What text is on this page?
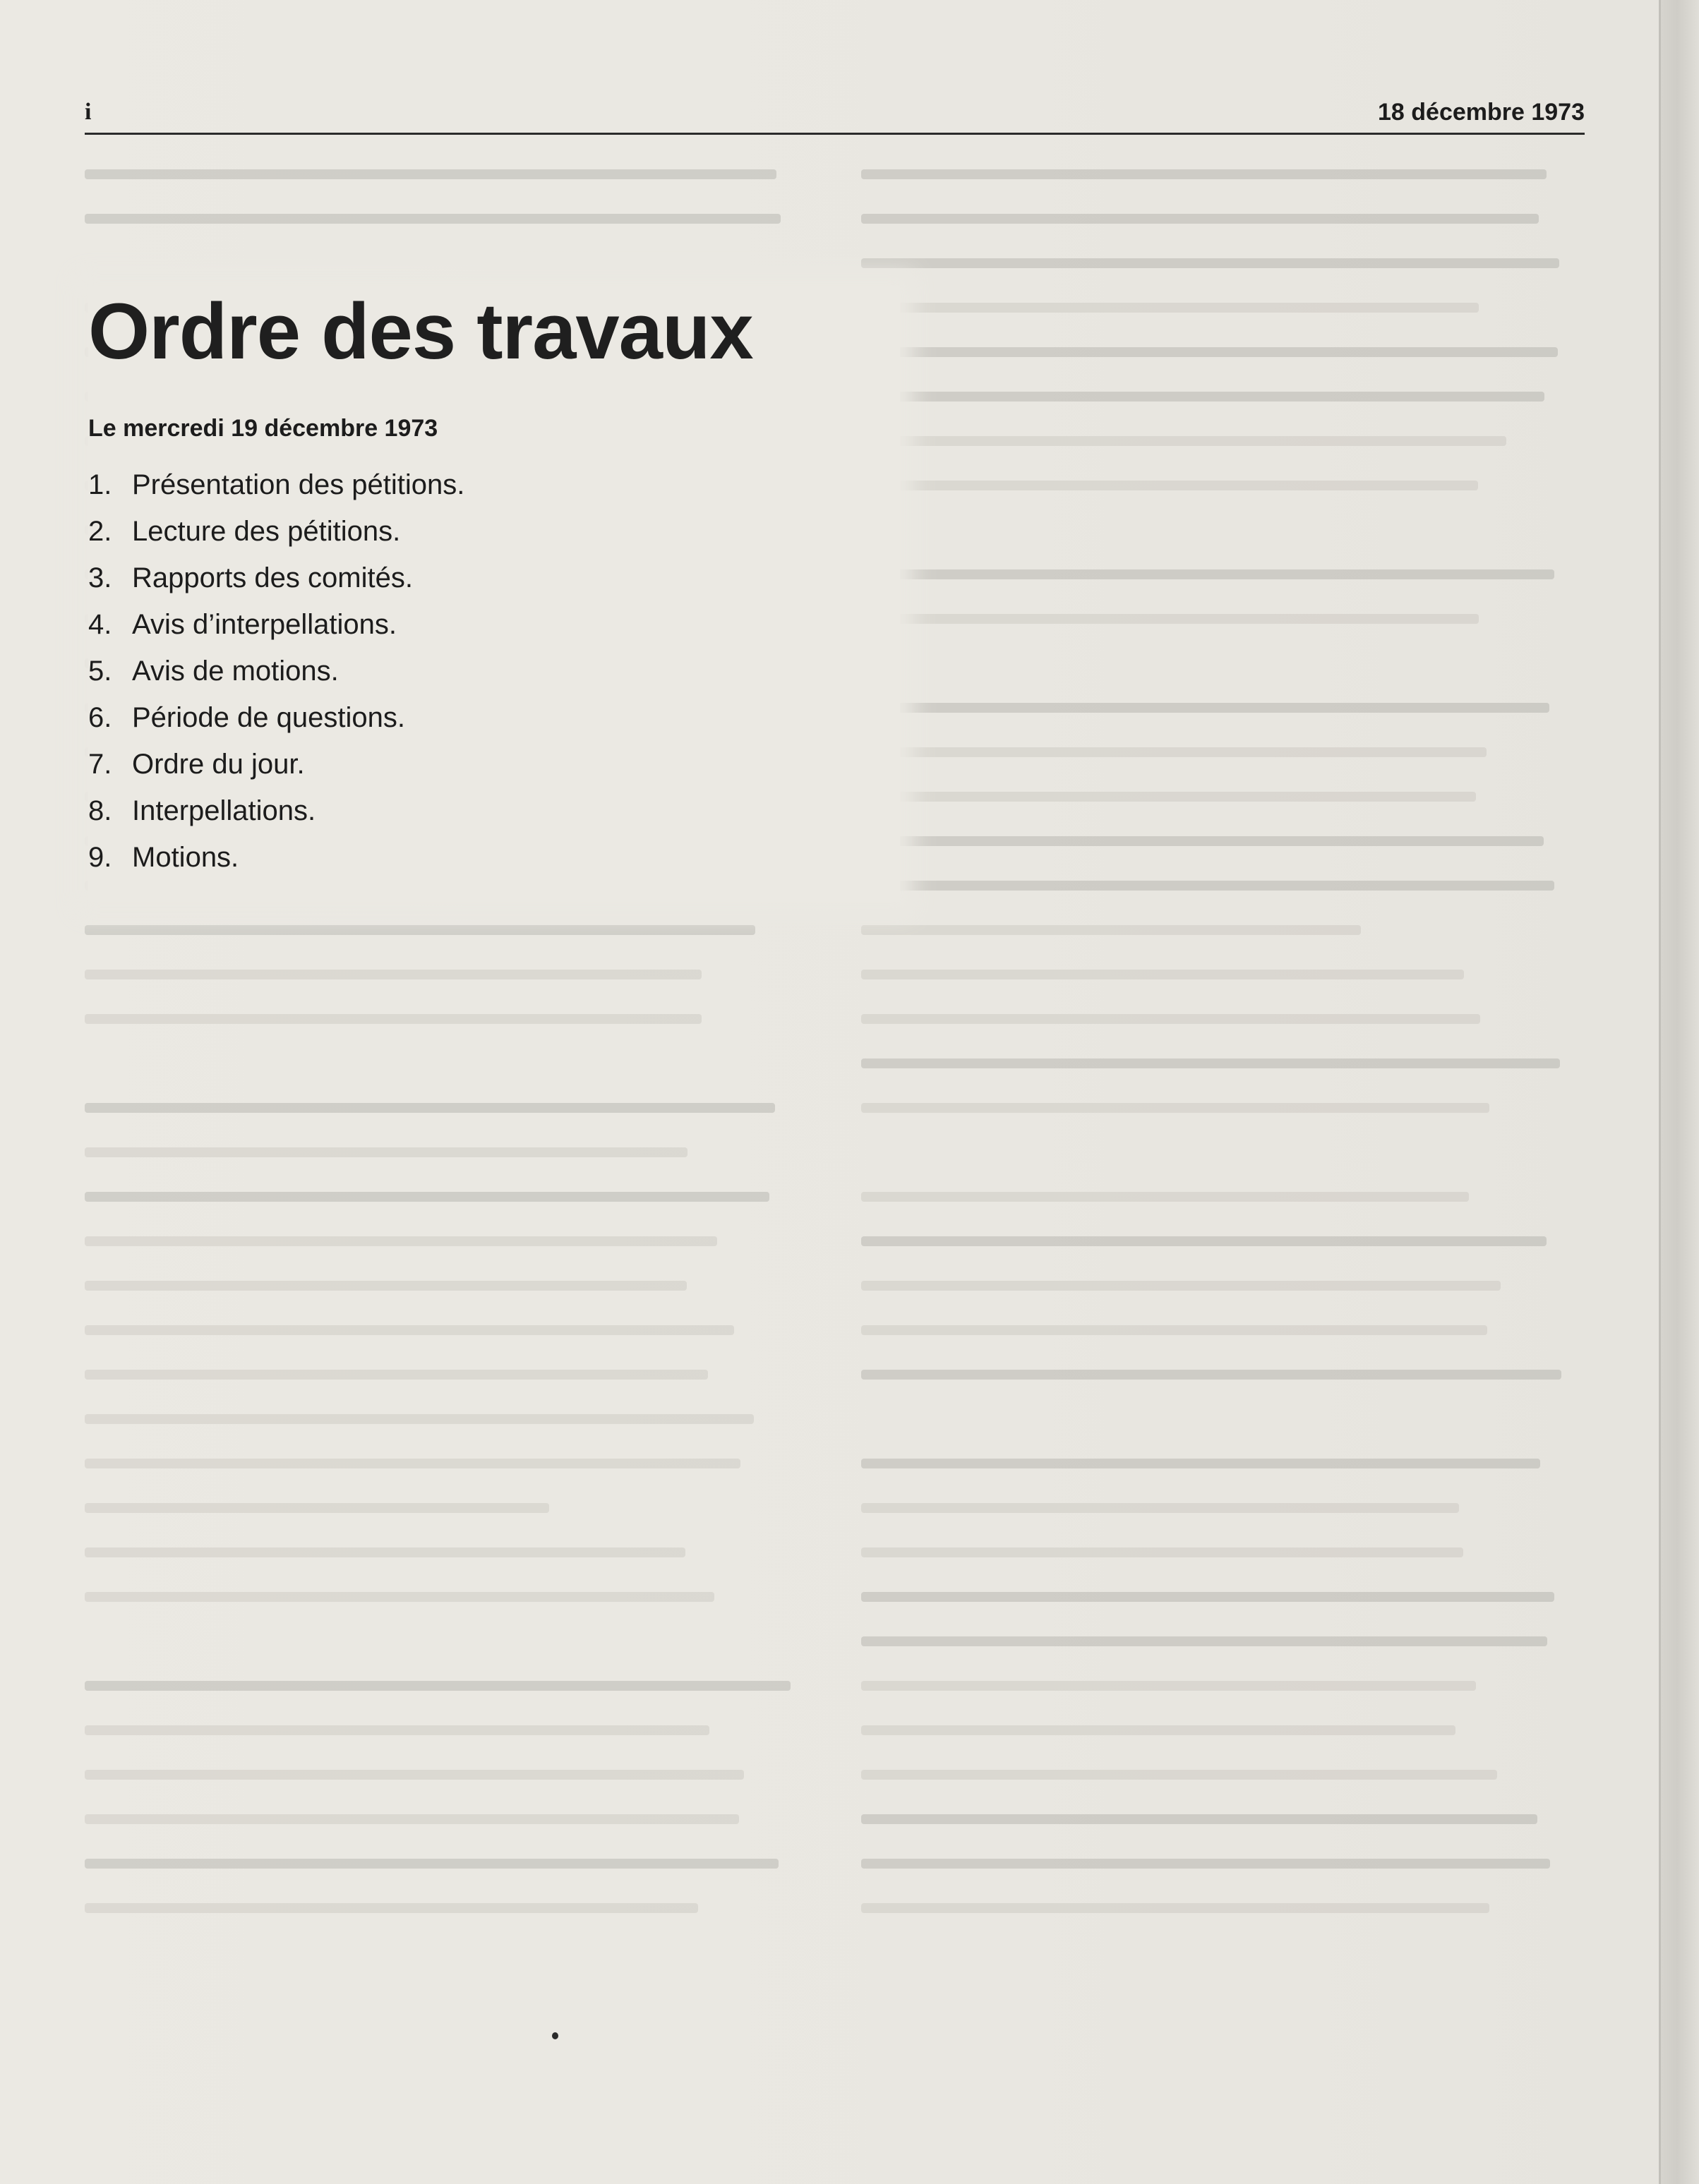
i	18 décembre 1973
Ordre des travaux
Le mercredi 19 décembre 1973
1. Présentation des pétitions.
2. Lecture des pétitions.
3. Rapports des comités.
4. Avis d’interpellations.
5. Avis de motions.
6. Période de questions.
7. Ordre du jour.
8. Interpellations.
9. Motions.
